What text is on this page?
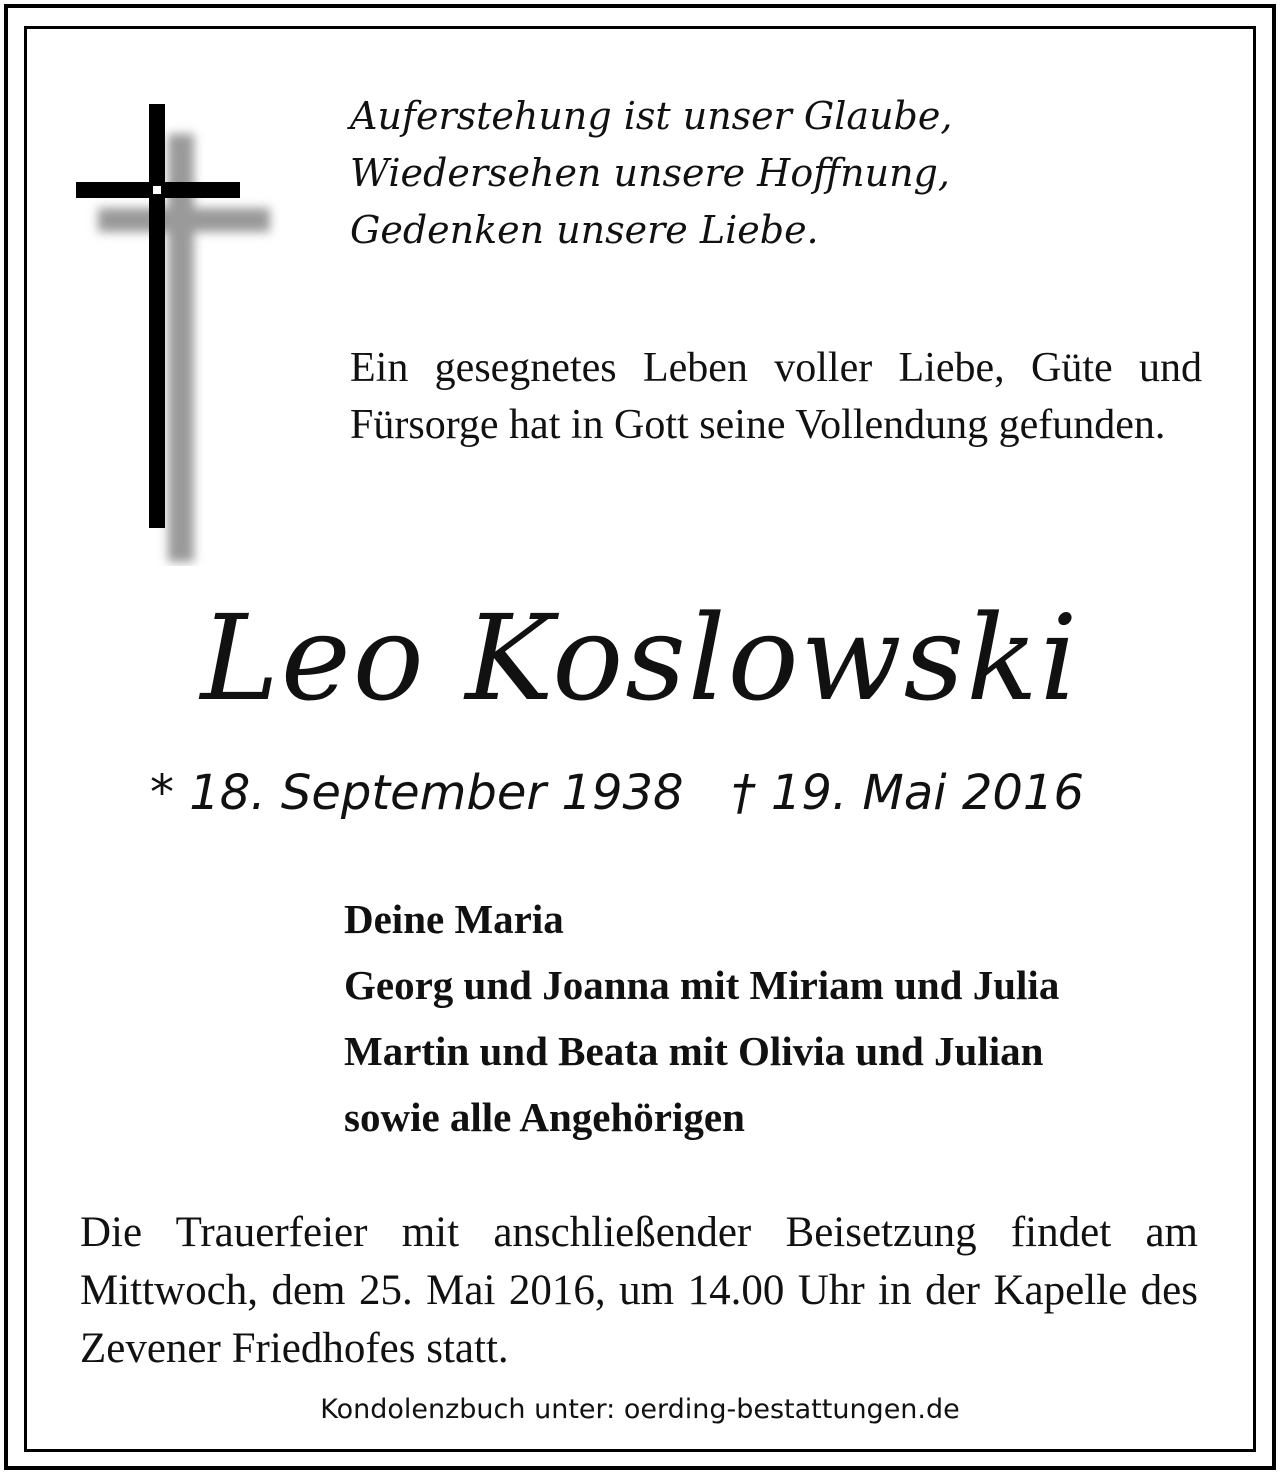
Auferstehung ist unser Glaube,
Wiedersehen unsere Hoffnung,
Gedenken unsere Liebe.
Ein gesegnetes Leben voller Liebe, Güte und Fürsorge hat in Gott seine Vollendung gefunden.
Leo Koslowski
* 18. September 1938 † 19. Mai 2016
Deine Maria
Georg und Joanna mit Miriam und Julia
Martin und Beata mit Olivia und Julian
sowie alle Angehörigen
Die Trauerfeier mit anschließender Beisetzung findet am Mittwoch, dem 25. Mai 2016, um 14.00 Uhr in der Kapelle des Zevener Friedhofes statt.
Kondolenzbuch unter: oerding-bestattungen.de
